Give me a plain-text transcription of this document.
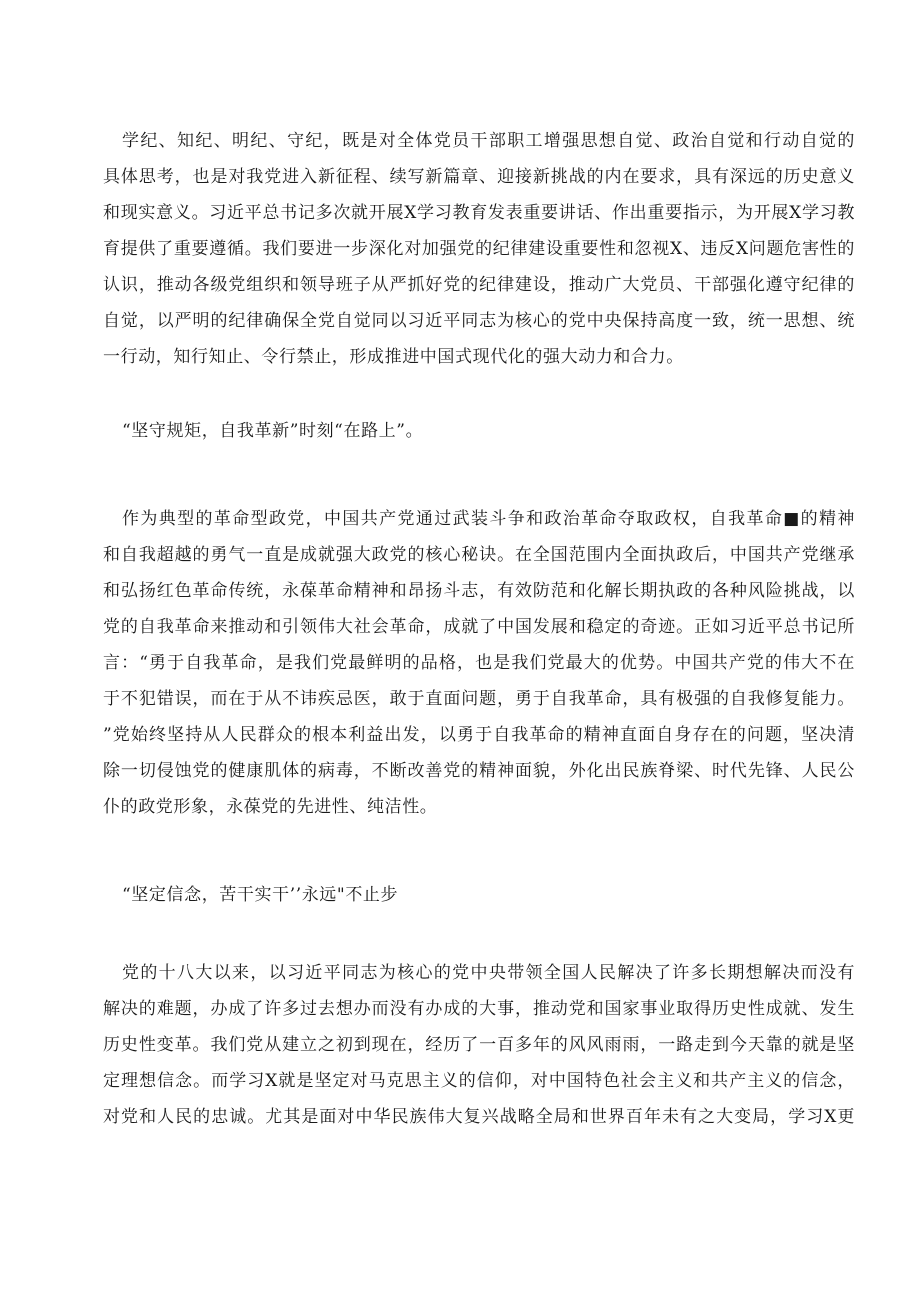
学纪、知纪、明纪、守纪，既是对全体党员干部职工增强思想自觉、政治自觉和行动自觉的
具体思考，也是对我党进入新征程、续写新篇章、迎接新挑战的内在要求，具有深远的历史意义
和现实意义。习近平总书记多次就开展X学习教育发表重要讲话、作出重要指示，为开展X学习教
育提供了重要遵循。我们要进一步深化对加强党的纪律建设重要性和忽视X、违反X问题危害性的
认识，推动各级党组织和领导班子从严抓好党的纪律建设，推动广大党员、干部强化遵守纪律的
自觉，以严明的纪律确保全党自觉同以习近平同志为核心的党中央保持高度一致，统一思想、统
一行动，知行知止、令行禁止，形成推进中国式现代化的强大动力和合力。
“坚守规矩，自我革新”时刻“在路上”。
作为典型的革命型政党，中国共产党通过武装斗争和政治革命夺取政权，自我革命■的精神
和自我超越的勇气一直是成就强大政党的核心秘诀。在全国范围内全面执政后，中国共产党继承
和弘扬红色革命传统，永葆革命精神和昂扬斗志，有效防范和化解长期执政的各种风险挑战，以
党的自我革命来推动和引领伟大社会革命，成就了中国发展和稳定的奇迹。正如习近平总书记所
言：“勇于自我革命，是我们党最鲜明的品格，也是我们党最大的优势。中国共产党的伟大不在
于不犯错误，而在于从不讳疾忌医，敢于直面问题，勇于自我革命，具有极强的自我修复能力。
”党始终坚持从人民群众的根本利益出发，以勇于自我革命的精神直面自身存在的问题，坚决清
除一切侵蚀党的健康肌体的病毒，不断改善党的精神面貌，外化出民族脊梁、时代先锋、人民公
仆的政党形象，永葆党的先进性、纯洁性。
“坚定信念，苦干实干’’永远"不止步
党的十八大以来，以习近平同志为核心的党中央带领全国人民解决了许多长期想解决而没有
解决的难题，办成了许多过去想办而没有办成的大事，推动党和国家事业取得历史性成就、发生
历史性变革。我们党从建立之初到现在，经历了一百多年的风风雨雨，一路走到今天靠的就是坚
定理想信念。而学习X就是坚定对马克思主义的信仰，对中国特色社会主义和共产主义的信念，
对党和人民的忠诚。尤其是面对中华民族伟大复兴战略全局和世界百年未有之大变局，学习X更
